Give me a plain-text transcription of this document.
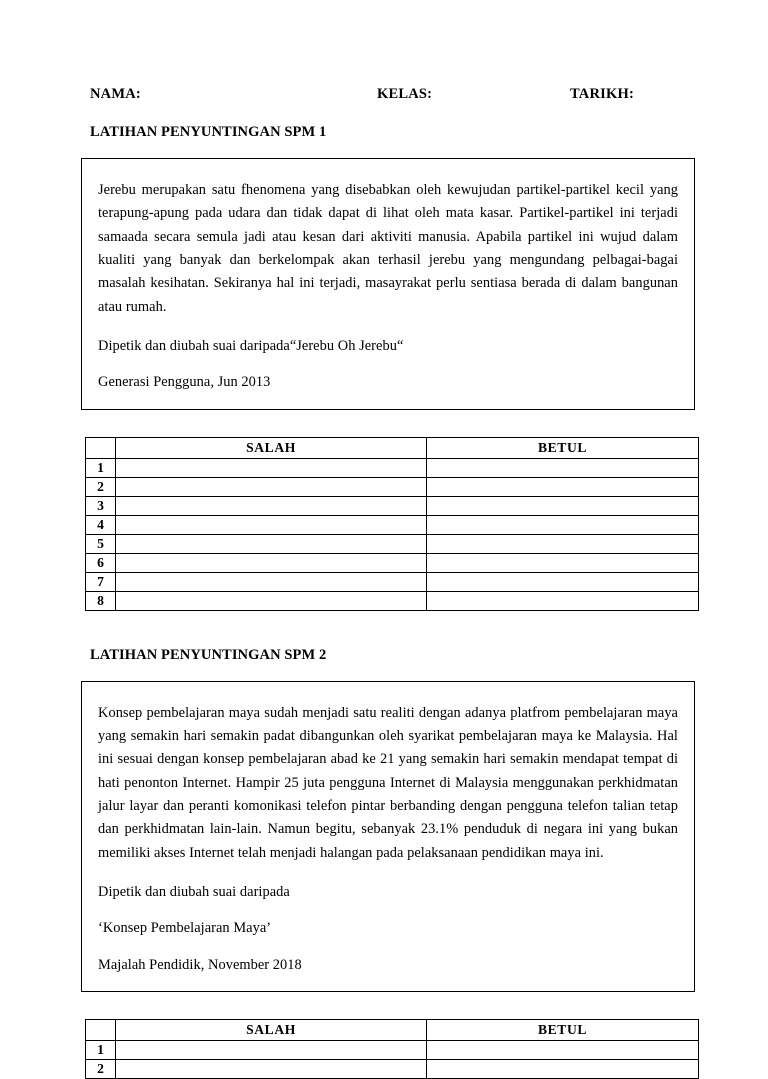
NAMA:	KELAS:	TARIKH:
LATIHAN PENYUNTINGAN SPM 1

Jerebu merupakan satu fhenomena yang disebabkan oleh kewujudan partikel-partikel kecil yang terapung-apung pada udara dan tidak dapat di lihat oleh mata kasar. Partikel-partikel ini terjadi samaada secara semula jadi atau kesan dari aktiviti manusia. Apabila partikel ini wujud dalam kualiti yang banyak dan berkelompak akan terhasil jerebu yang mengundang pelbagai-bagai masalah kesihatan. Sekiranya hal ini terjadi, masayrakat perlu sentiasa berada di dalam bangunan atau rumah.

Dipetik dan diubah suai daripada“Jerebu Oh Jerebu“

Generasi Pengguna, Jun 2013

	SALAH	BETUL
1		
2		
3		
4		
5		
6		
7		
8		
LATIHAN PENYUNTINGAN SPM 2

Konsep pembelajaran maya sudah menjadi satu realiti dengan adanya platfrom pembelajaran maya yang semakin hari semakin padat dibangunkan oleh syarikat pembelajaran maya ke Malaysia. Hal ini sesuai dengan konsep pembelajaran abad ke 21 yang semakin hari semakin mendapat tempat di hati penonton Internet. Hampir 25 juta pengguna Internet di Malaysia menggunakan perkhidmatan jalur layar dan peranti komonikasi telefon pintar berbanding dengan pengguna telefon talian tetap dan perkhidmatan lain-lain. Namun begitu, sebanyak 23.1% penduduk di negara ini yang bukan memiliki akses Internet telah menjadi halangan pada pelaksanaan pendidikan maya ini.

Dipetik dan diubah suai daripada

‘Konsep Pembelajaran Maya’

Majalah Pendidik, November 2018

	SALAH	BETUL
1		
2		
